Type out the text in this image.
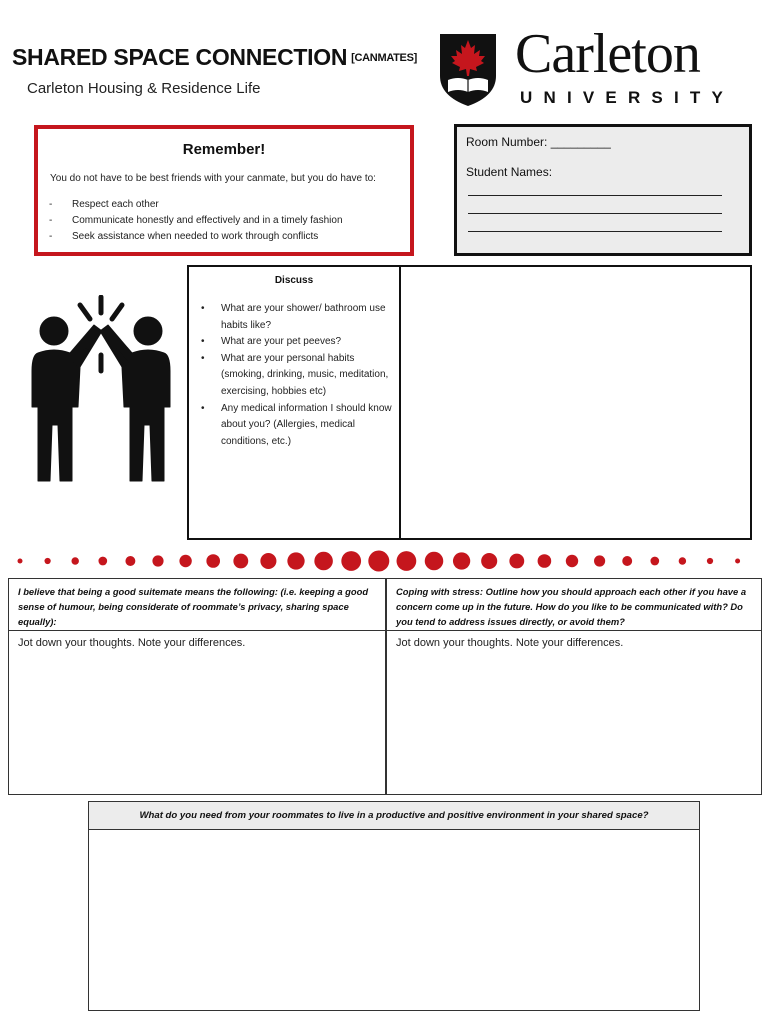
SHARED SPACE CONNECTION [CANMATES]
Carleton Housing & Residence Life
Carleton
UNIVERSITY
Remember!
You do not have to be best friends with your canmate, but you do have to:
- Respect each other
- Communicate honestly and effectively and in a timely fashion
- Seek assistance when needed to work through conflicts
Room Number: _________
Student Names:
Discuss
• What are your shower/ bathroom use habits like?
• What are your pet peeves?
• What are your personal habits (smoking, drinking, music, meditation, exercising, hobbies etc)
• Any medical information I should know about you? (Allergies, medical conditions, etc.)
I believe that being a good suitemate means the following: (i.e. keeping a good sense of humour, being considerate of roommate’s privacy, sharing space equally):
Coping with stress: Outline how you should approach each other if you have a concern come up in the future. How do you like to be communicated with? Do you tend to address issues directly, or avoid them?
Jot down your thoughts. Note your differences.	Jot down your thoughts. Note your differences.
What do you need from your roommates to live in a productive and positive environment in your shared space?
